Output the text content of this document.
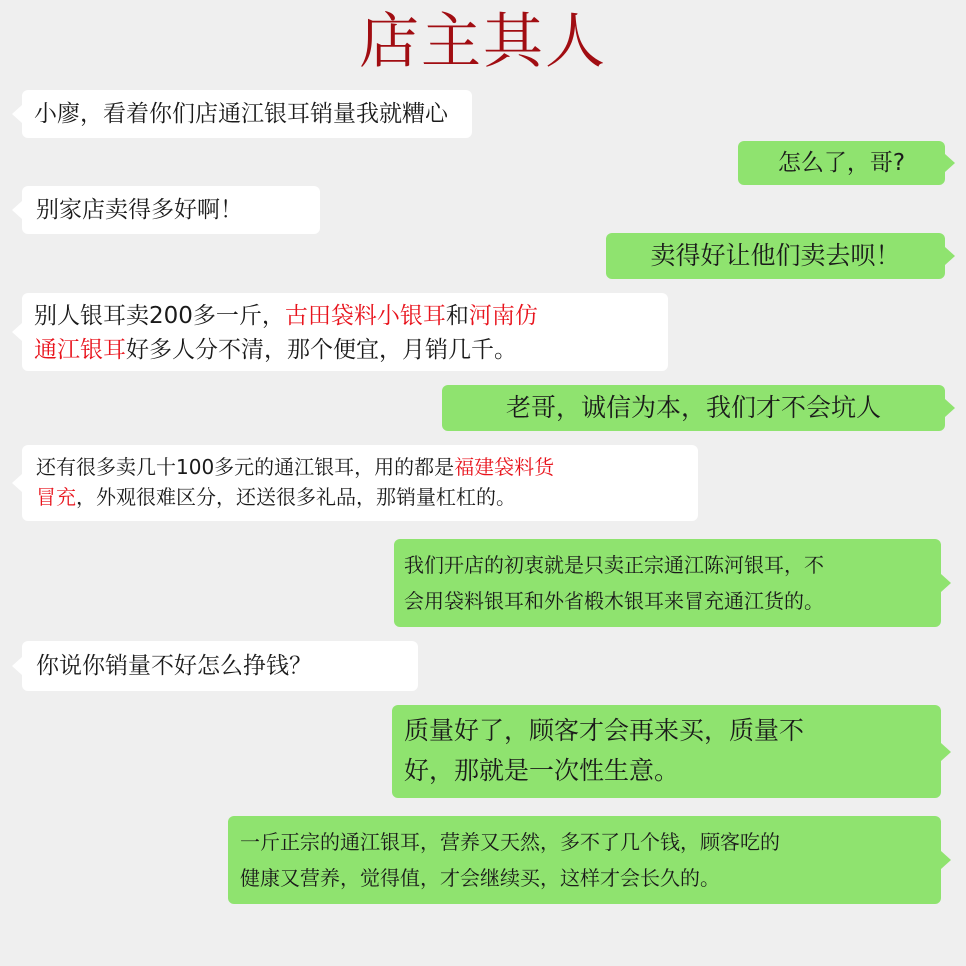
店主其人
小廖，看着你们店通江银耳销量我就糟心
怎么了，哥?
别家店卖得多好啊！
卖得好让他们卖去呗！
别人银耳卖200多一斤，古田袋料小银耳和河南仿
通江银耳好多人分不清，那个便宜，月销几千。
老哥，诚信为本，我们才不会坑人
还有很多卖几十100多元的通江银耳，用的都是福建袋料货
冒充，外观很难区分，还送很多礼品，那销量杠杠的。
我们开店的初衷就是只卖正宗通江陈河银耳，不
会用袋料银耳和外省椴木银耳来冒充通江货的。
你说你销量不好怎么挣钱？
质量好了，顾客才会再来买，质量不
好，那就是一次性生意。
一斤正宗的通江银耳，营养又天然，多不了几个钱，顾客吃的
健康又营养，觉得值，才会继续买，这样才会长久的。
